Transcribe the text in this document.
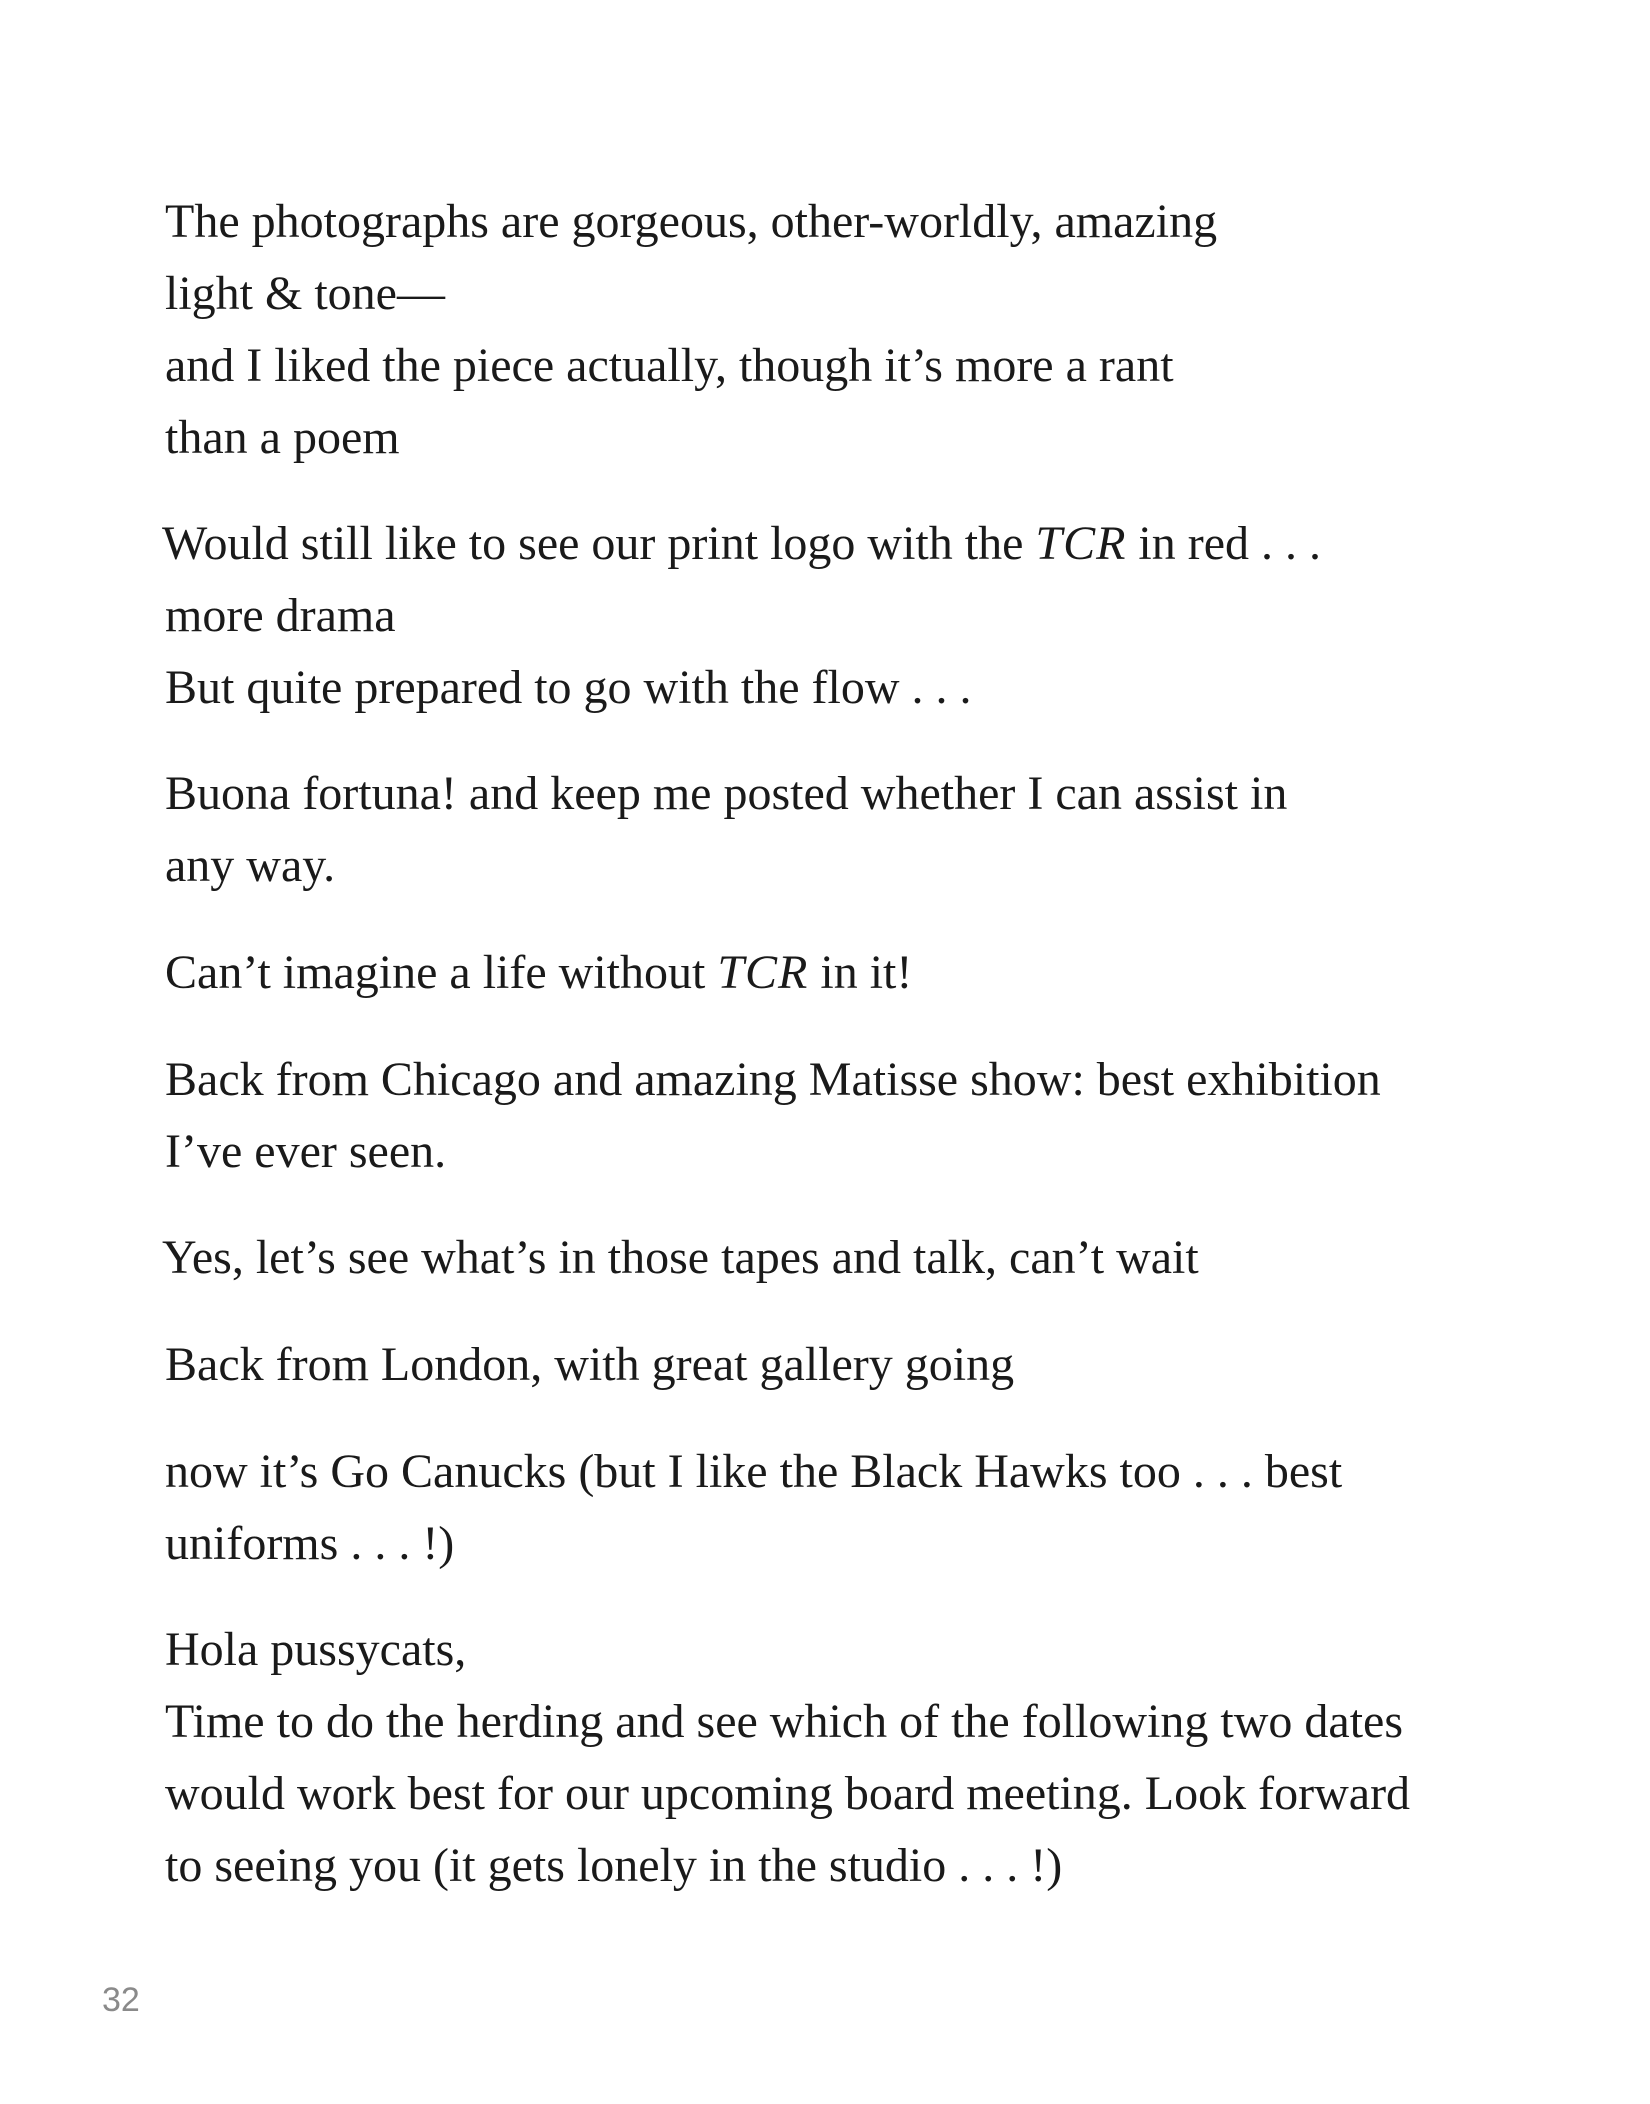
The photographs are gorgeous, other-worldly, amazing

light & tone—

and I liked the piece actually, though it’s more a rant

than a poem

Would still like to see our print logo with the TCR in red . . .

more drama

But quite prepared to go with the flow . . .

Buona fortuna! and keep me posted whether I can assist in

any way.

Can’t imagine a life without TCR in it!

Back from Chicago and amazing Matisse show: best exhibition

I’ve ever seen.

Yes, let’s see what’s in those tapes and talk, can’t wait

Back from London, with great gallery going

now it’s Go Canucks (but I like the Black Hawks too . . . best

uniforms . . . !)

Hola pussycats,

Time to do the herding and see which of the following two dates

would work best for our upcoming board meeting. Look forward

to seeing you (it gets lonely in the studio . . . !)

32
